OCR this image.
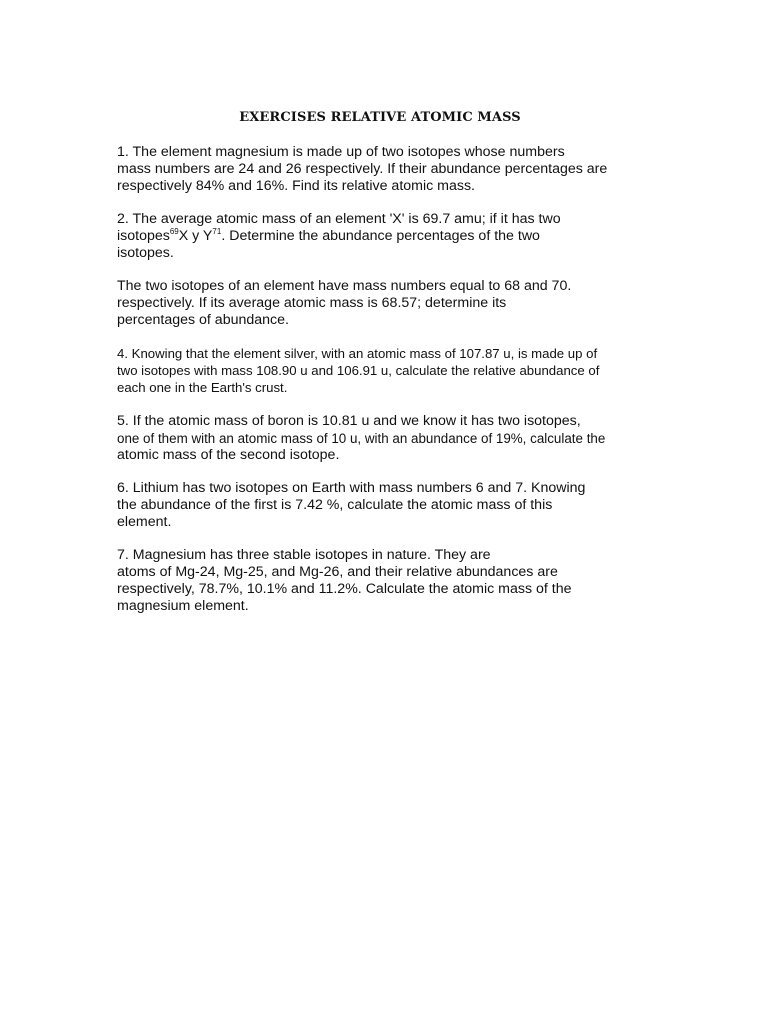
EXERCISES RELATIVE ATOMIC MASS
1. The element magnesium is made up of two isotopes whose numbers
mass numbers are 24 and 26 respectively. If their abundance percentages are
respectively 84% and 16%. Find its relative atomic mass.
2. The average atomic mass of an element 'X' is 69.7 amu; if it has two
isotopes$^{69}$X y $Y^{71}$. Determine the abundance percentages of the two
isotopes.
The two isotopes of an element have mass numbers equal to 68 and 70.
respectively. If its average atomic mass is 68.57; determine its
percentages of abundance.
4. Knowing that the element silver, with an atomic mass of 107.87 u, is made up of
two isotopes with mass 108.90 u and 106.91 u, calculate the relative abundance of
each one in the Earth's crust.
5. If the atomic mass of boron is 10.81 u and we know it has two isotopes,
one of them with an atomic mass of 10 u, with an abundance of 19%, calculate the
atomic mass of the second isotope.
6. Lithium has two isotopes on Earth with mass numbers 6 and 7. Knowing
the abundance of the first is 7.42 %, calculate the atomic mass of this
element.
7. Magnesium has three stable isotopes in nature. They are
atoms of Mg-24, Mg-25, and Mg-26, and their relative abundances are
respectively, 78.7%, 10.1% and 11.2%. Calculate the atomic mass of the
magnesium element.
